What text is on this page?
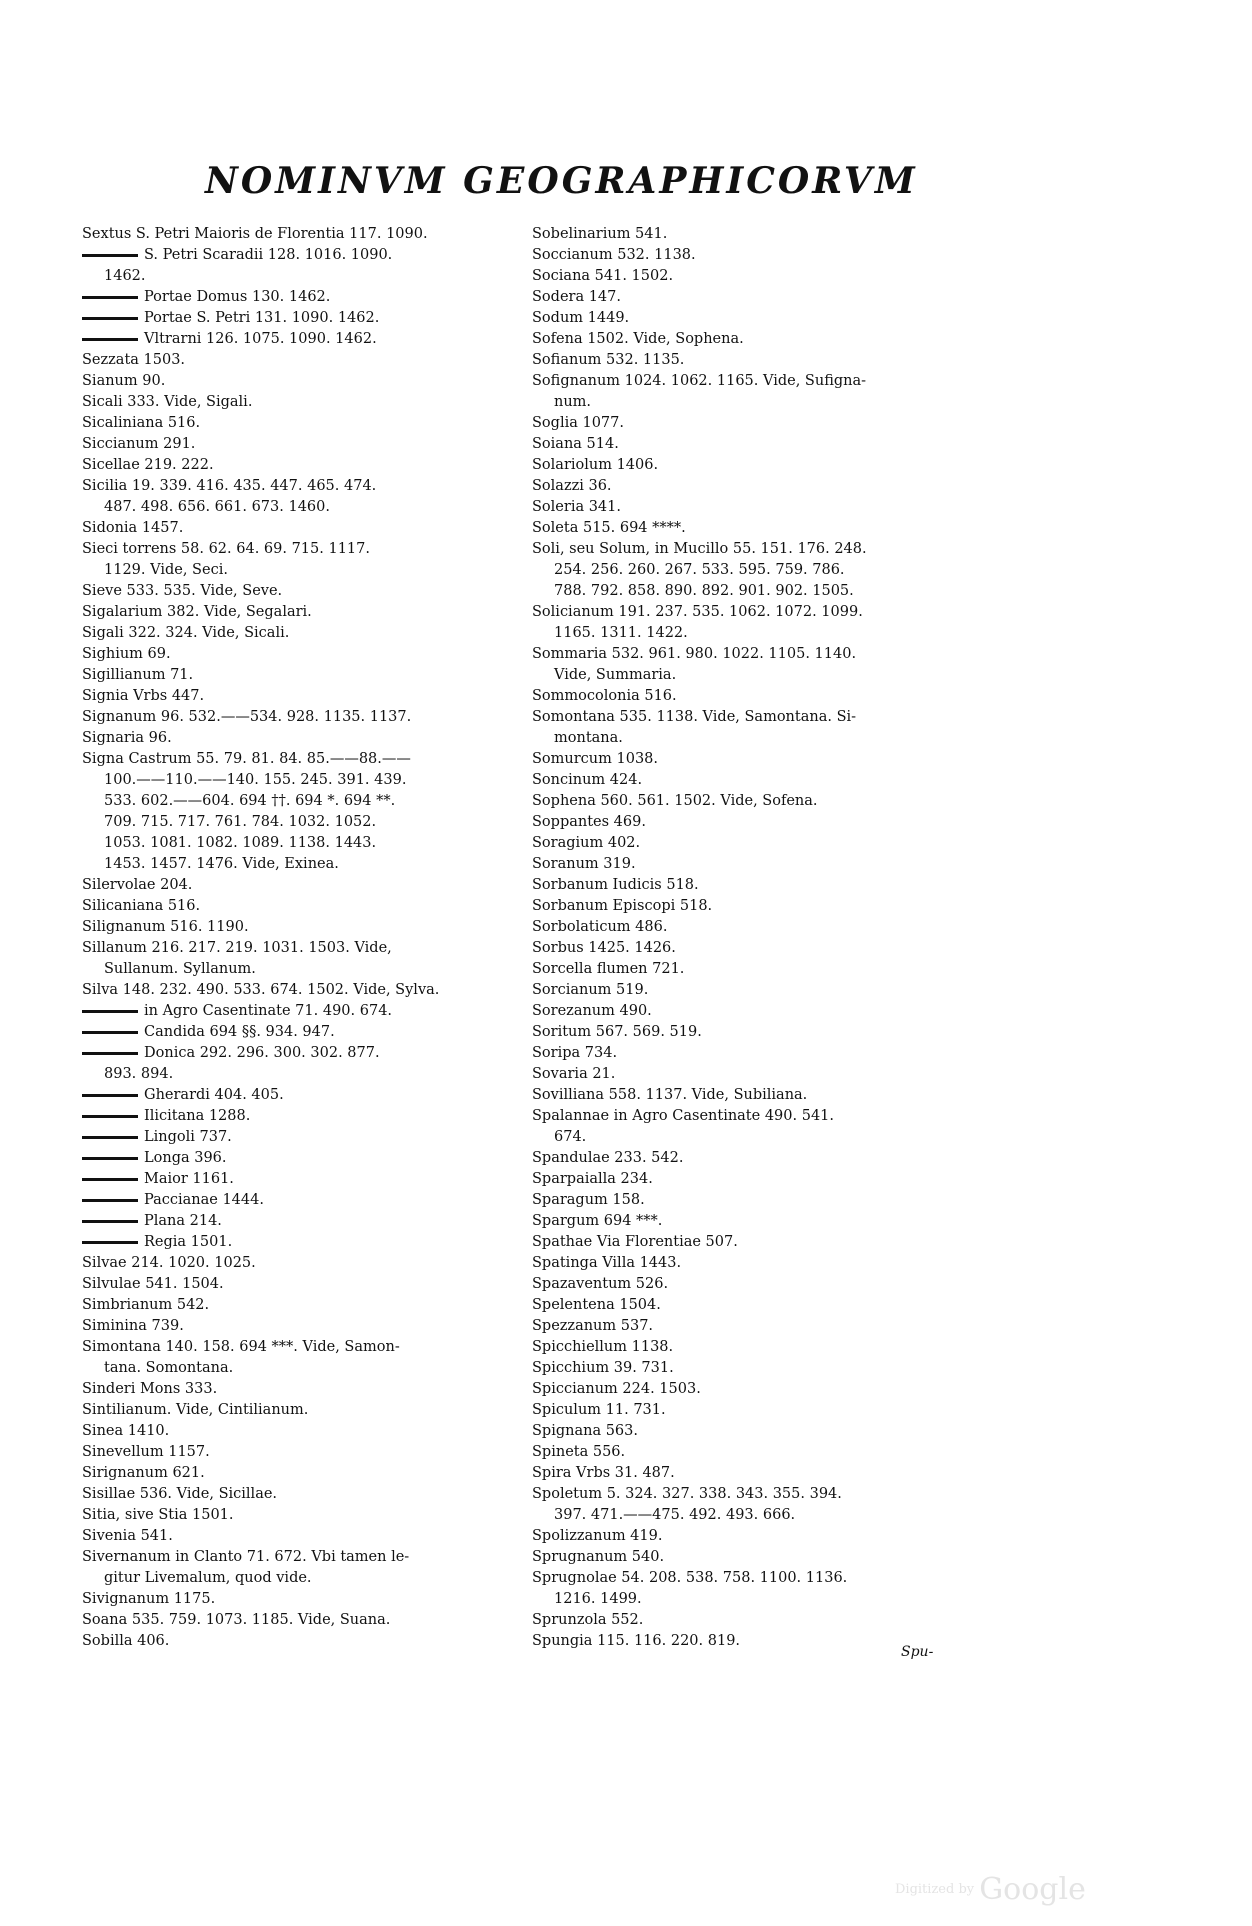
NOMINVM GEOGRAPHICORVM
Sextus S. Petri Maioris de Florentia 117. 1090.
S. Petri Scaradii 128. 1016. 1090.
1462.
Portae Domus 130. 1462.
Portae S. Petri 131. 1090. 1462.
Vltrarni 126. 1075. 1090. 1462.
Sezzata 1503.
Sianum 90.
Sicali 333. Vide, Sigali.
Sicaliniana 516.
Siccianum 291.
Sicellae 219. 222.
Sicilia 19. 339. 416. 435. 447. 465. 474.
487. 498. 656. 661. 673. 1460.
Sidonia 1457.
Sieci torrens 58. 62. 64. 69. 715. 1117.
1129. Vide, Seci.
Sieve 533. 535. Vide, Seve.
Sigalarium 382. Vide, Segalari.
Sigali 322. 324. Vide, Sicali.
Sighium 69.
Sigillianum 71.
Signia Vrbs 447.
Signanum 96. 532.——534. 928. 1135. 1137.
Signaria 96.
Signa Castrum 55. 79. 81. 84. 85.——88.——
100.——110.——140. 155. 245. 391. 439.
533. 602.——604. 694 ††. 694 *. 694 **.
709. 715. 717. 761. 784. 1032. 1052.
1053. 1081. 1082. 1089. 1138. 1443.
1453. 1457. 1476. Vide, Exinea.
Silervolae 204.
Silicaniana 516.
Silignanum 516. 1190.
Sillanum 216. 217. 219. 1031. 1503. Vide,
Sullanum. Syllanum.
Silva 148. 232. 490. 533. 674. 1502. Vide, Sylva.
in Agro Casentinate 71. 490. 674.
Candida 694 §§. 934. 947.
Donica 292. 296. 300. 302. 877.
893. 894.
Gherardi 404. 405.
Ilicitana 1288.
Lingoli 737.
Longa 396.
Maior 1161.
Paccianae 1444.
Plana 214.
Regia 1501.
Silvae 214. 1020. 1025.
Silvulae 541. 1504.
Simbrianum 542.
Siminina 739.
Simontana 140. 158. 694 ***. Vide, Samon-
tana. Somontana.
Sinderi Mons 333.
Sintilianum. Vide, Cintilianum.
Sinea 1410.
Sinevellum 1157.
Sirignanum 621.
Sisillae 536. Vide, Sicillae.
Sitia, sive Stia 1501.
Sivenia 541.
Sivernanum in Clanto 71. 672. Vbi tamen le-
gitur Livemalum, quod vide.
Sivignanum 1175.
Soana 535. 759. 1073. 1185. Vide, Suana.
Sobilla 406.
Sobelinarium 541.
Soccianum 532. 1138.
Sociana 541. 1502.
Sodera 147.
Sodum 1449.
Sofena 1502. Vide, Sophena.
Sofianum 532. 1135.
Sofignanum 1024. 1062. 1165. Vide, Sufigna-
num.
Soglia 1077.
Soiana 514.
Solariolum 1406.
Solazzi 36.
Soleria 341.
Soleta 515. 694 ****.
Soli, seu Solum, in Mucillo 55. 151. 176. 248.
254. 256. 260. 267. 533. 595. 759. 786.
788. 792. 858. 890. 892. 901. 902. 1505.
Solicianum 191. 237. 535. 1062. 1072. 1099.
1165. 1311. 1422.
Sommaria 532. 961. 980. 1022. 1105. 1140.
Vide, Summaria.
Sommocolonia 516.
Somontana 535. 1138. Vide, Samontana. Si-
montana.
Somurcum 1038.
Soncinum 424.
Sophena 560. 561. 1502. Vide, Sofena.
Soppantes 469.
Soragium 402.
Soranum 319.
Sorbanum Iudicis 518.
Sorbanum Episcopi 518.
Sorbolaticum 486.
Sorbus 1425. 1426.
Sorcella flumen 721.
Sorcianum 519.
Sorezanum 490.
Soritum 567. 569. 519.
Soripa 734.
Sovaria 21.
Sovilliana 558. 1137. Vide, Subiliana.
Spalannae in Agro Casentinate 490. 541.
674.
Spandulae 233. 542.
Sparpaialla 234.
Sparagum 158.
Spargum 694 ***.
Spathae Via Florentiae 507.
Spatinga Villa 1443.
Spazaventum 526.
Spelentena 1504.
Spezzanum 537.
Spicchiellum 1138.
Spicchium 39. 731.
Spiccianum 224. 1503.
Spiculum 11. 731.
Spignana 563.
Spineta 556.
Spira Vrbs 31. 487.
Spoletum 5. 324. 327. 338. 343. 355. 394.
397. 471.——475. 492. 493. 666.
Spolizzanum 419.
Sprugnanum 540.
Sprugnolae 54. 208. 538. 758. 1100. 1136.
1216. 1499.
Sprunzola 552.
Spungia 115. 116. 220. 819.
Spu-
Digitized by Google
